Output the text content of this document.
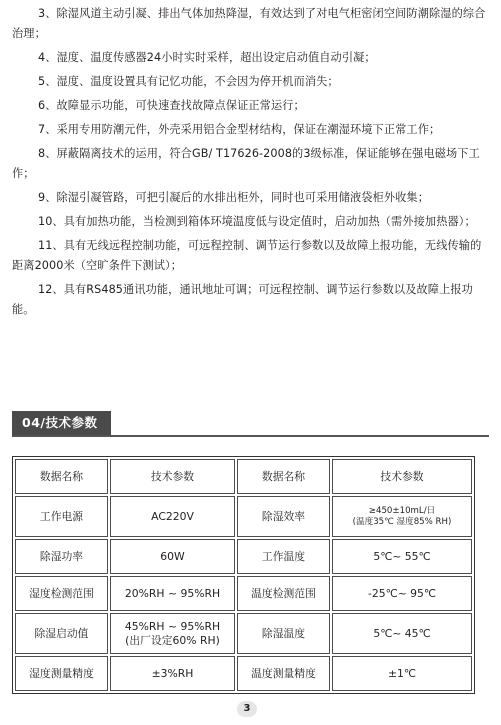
3、除湿风道主动引凝、排出气体加热降湿，有效达到了对电气柜密闭空间防潮除湿的综合治理；

4、湿度、温度传感器24小时实时采样，超出设定启动值自动引凝；

5、湿度、温度设置具有记忆功能，不会因为停开机而消失；

6、故障显示功能，可快速查找故障点保证正常运行；

7、采用专用防潮元件，外壳采用铝合金型材结构，保证在潮湿环境下正常工作；

8、屏蔽隔离技术的运用，符合GB/ T17626-2008的3级标准，保证能够在强电磁场下工作；

9、除湿引凝管路，可把引凝后的水排出柜外，同时也可采用储液袋柜外收集；

10、具有加热功能，当检测到箱体环境温度低与设定值时，启动加热（需外接加热器）；

11、具有无线远程控制功能，可远程控制、调节运行参数以及故障上报功能，无线传输的距离2000米（空旷条件下测试）；

12、具有RS485通讯功能，通讯地址可调；可远程控制、调节运行参数以及故障上报功能。

04/技术参数
数据名称	技术参数	数据名称	技术参数
工作电源	AC220V	除湿效率	≥450±10mL/日
(温度35℃ 湿度85% RH)

除湿功率	60W	工作温度	5℃~ 55℃
湿度检测范围	20%RH ~ 95%RH	温度检测范围	-25℃~ 95℃
除湿启动值	45%RH ~ 95%RH
(出厂设定60% RH)	除湿温度	5℃~ 45℃
湿度测量精度	±3%RH	温度测量精度	±1℃
3
